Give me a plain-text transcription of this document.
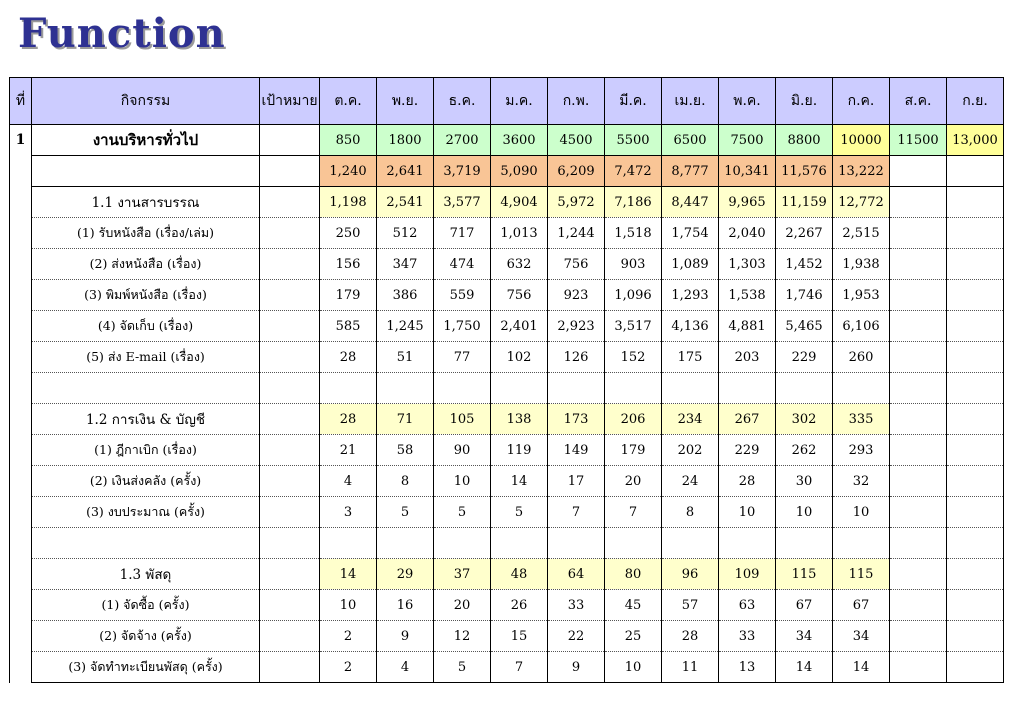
Function
ที่	กิจกรรม	เป้าหมาย	ต.ค.	พ.ย.	ธ.ค.	ม.ค.	ก.พ.	มี.ค.	เม.ย.	พ.ค.	มิ.ย.	ก.ค.	ส.ค.	ก.ย.
1	งานบริหารทั่วไป		850	1800	2700	3600	4500	5500	6500	7500	8800	10000	11500	13,000
			1,240	2,641	3,719	5,090	6,209	7,472	8,777	10,341	11,576	13,222		
	1.1 งานสารบรรณ		1,198	2,541	3,577	4,904	5,972	7,186	8,447	9,965	11,159	12,772		
	(1) รับหนังสือ (เรื่อง/เล่ม)		250	512	717	1,013	1,244	1,518	1,754	2,040	2,267	2,515		
	(2) ส่งหนังสือ (เรื่อง)		156	347	474	632	756	903	1,089	1,303	1,452	1,938		
	(3) พิมพ์หนังสือ (เรื่อง)		179	386	559	756	923	1,096	1,293	1,538	1,746	1,953		
	(4) จัดเก็บ (เรื่อง)		585	1,245	1,750	2,401	2,923	3,517	4,136	4,881	5,465	6,106		
	(5) ส่ง E-mail (เรื่อง)		28	51	77	102	126	152	175	203	229	260		

	1.2 การเงิน & บัญชี		28	71	105	138	173	206	234	267	302	335		
	(1) ฎีกาเบิก (เรื่อง)		21	58	90	119	149	179	202	229	262	293		
	(2) เงินส่งคลัง (ครั้ง)		4	8	10	14	17	20	24	28	30	32		
	(3) งบประมาณ (ครั้ง)		3	5	5	5	7	7	8	10	10	10		

	1.3 พัสดุ		14	29	37	48	64	80	96	109	115	115		
	(1) จัดซื้อ (ครั้ง)		10	16	20	26	33	45	57	63	67	67		
	(2) จัดจ้าง (ครั้ง)		2	9	12	15	22	25	28	33	34	34		
	(3) จัดทำทะเบียนพัสดุ (ครั้ง)		2	4	5	7	9	10	11	13	14	14		
